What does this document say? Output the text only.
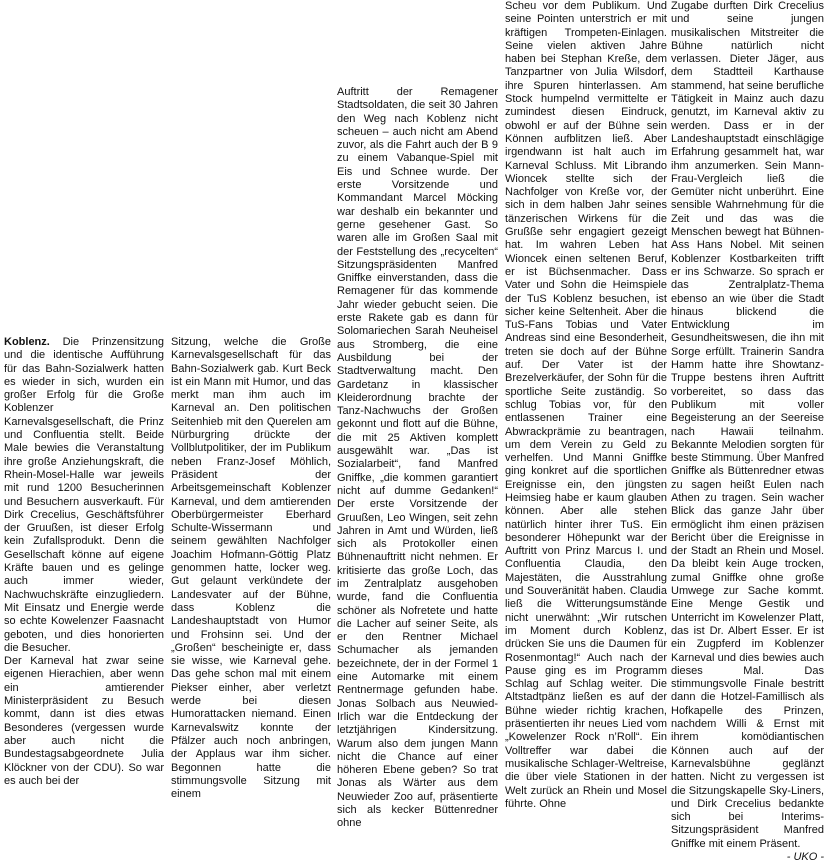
Koblenz. Die Prinzensitzung und die identische Aufführung für das Bahn-Sozialwerk hatten es wieder in sich, wurden ein großer Erfolg für die Große Koblenzer Karnevalsgesellschaft, die Prinz und Confluentia stellt. Beide Male bewies die Veranstaltung ihre große Anziehungskraft, die Rhein-Mosel-Halle war jeweils mit rund 1200 Besucherinnen und Besuchern ausverkauft. Für Dirk Crecelius, Geschäftsführer der Gruußen, ist dieser Erfolg kein Zufallsprodukt. Denn die Gesellschaft könne auf eigene Kräfte bauen und es gelinge auch immer wieder, Nachwuchskräfte einzugliedern. Mit Einsatz und Energie werde so echte Kowelenzer Faasnacht geboten, und dies honorierten die Besucher.

Der Karneval hat zwar seine eigenen Hierachien, aber wenn ein amtierender Ministerpräsident zu Besuch kommt, dann ist dies etwas Besonderes (vergessen wurde aber auch nicht die Bundestagsabgeordnete Julia Klöckner von der CDU). So war es auch bei der

Sitzung, welche die Große Karnevalsgesellschaft für das Bahn-Sozialwerk gab. Kurt Beck ist ein Mann mit Humor, und das merkt man ihm auch im Karneval an. Den politischen Seitenhieb mit den Querelen am Nürburgring drückte der Vollblutpolitiker, der im Publikum neben Franz-Josef Möhlich, Präsident der Arbeitsgemeinschaft Koblenzer Karneval, und dem amtierenden Oberbürgermeister Eberhard Schulte-Wissermann und seinem gewählten Nachfolger Joachim Hofmann-Göttig Platz genommen hatte, locker weg. Gut gelaunt verkündete der Landesvater auf der Bühne, dass Koblenz die Landeshauptstadt von Humor und Frohsinn sei. Und der „Großen“ bescheinigte er, dass sie wisse, wie Karneval gehe. Das gehe schon mal mit einem Piekser einher, aber verletzt werde bei diesen Humorattacken niemand. Einen Karnevalswitz konnte der Pfälzer auch noch anbringen, der Applaus war ihm sicher. Begonnen hatte die stimmungsvolle Sitzung mit einem

Auftritt der Remagener Stadtsoldaten, die seit 30 Jahren den Weg nach Koblenz nicht scheuen – auch nicht am Abend zuvor, als die Fahrt auch der B 9 zu einem Vabanque-Spiel mit Eis und Schnee wurde. Der erste Vorsitzende und Kommandant Marcel Möcking war deshalb ein bekannter und gerne gesehener Gast. So waren alle im Großen Saal mit der Feststellung des „recycelten“ Sitzungspräsidenten Manfred Gniffke einverstanden, dass die Remagener für das kommende Jahr wieder gebucht seien. Die erste Rakete gab es dann für Solomariechen Sarah Neuheisel aus Stromberg, die eine Ausbildung bei der Stadtverwaltung macht. Den Gardetanz in klassischer Kleiderordnung brachte der Tanz-Nachwuchs der Großen gekonnt und flott auf die Bühne, die mit 25 Aktiven komplett ausgewählt war. „Das ist Sozialarbeit“, fand Manfred Gniffke, „die kommen garantiert nicht auf dumme Gedanken!“ Der erste Vorsitzende der Gruußen, Leo Wingen, seit zehn Jahren in Amt und Würden, ließ sich als Protokoller einen Bühnenauftritt nicht nehmen. Er kritisierte das große Loch, das im Zentralplatz ausgehoben wurde, fand die Confluentia schöner als Nofretete und hatte die Lacher auf seiner Seite, als er den Rentner Michael Schumacher als jemanden bezeichnete, der in der Formel 1 eine Automarke mit einem Rentnermage gefunden habe. Jonas Solbach aus Neuwied-Irlich war die Entdeckung der letztjährigen Kindersitzung. Warum also dem jungen Mann nicht die Chance auf einer höheren Ebene geben? So trat Jonas als Wärter aus dem Neuwieder Zoo auf, präsentierte sich als kecker Büttenredner ohne

Scheu vor dem Publikum. Und seine Pointen unterstrich er mit kräftigen Trompeten-Einlagen. Seine vielen aktiven Jahre haben bei Stephan Kreße, dem Tanzpartner von Julia Wilsdorf, ihre Spuren hinterlassen. Am Stock humpelnd vermittelte er zumindest diesen Eindruck, obwohl er auf der Bühne sein Können aufblitzen ließ. Aber irgendwann ist halt auch im Karneval Schluss. Mit Librando Wioncek stellte sich der Nachfolger von Kreße vor, der sich in dem halben Jahr seines tänzerischen Wirkens für die Grußße sehr engagiert gezeigt hat. Im wahren Leben hat Wioncek einen seltenen Beruf, er ist Büchsenmacher. Dass Vater und Sohn die Heimspiele der TuS Koblenz besuchen, ist sicher keine Seltenheit. Aber die TuS-Fans Tobias und Vater Andreas sind eine Besonderheit, treten sie doch auf der Bühne auf. Der Vater ist der Brezelverkäufer, der Sohn für die sportliche Seite zuständig. So schlug Tobias vor, für den entlassenen Trainer eine Abwrackprämie zu beantragen, um dem Verein zu Geld zu verhelfen. Und Manni Gniffke ging konkret auf die sportlichen Ereignisse ein, den jüngsten Heimsieg habe er kaum glauben können. Aber alle stehen natürlich hinter ihrer TuS. Ein besonderer Höhepunkt war der Auftritt von Prinz Marcus I. und Confluentia Claudia, den Majestäten, die Ausstrahlung und Souveränität haben. Claudia ließ die Witterungsumstände nicht unerwähnt: „Wir rutschen im Moment durch Koblenz, drücken Sie uns die Daumen für Rosenmontag!“ Auch nach der Pause ging es im Programm Schlag auf Schlag weiter. Die Altstadtpänz ließen es auf der Bühne wieder richtig krachen, präsentierten ihr neues Lied vom „Kowelenzer Rock n’Roll“. Ein Volltreffer war dabei die musikalische Schlager-Weltreise, die über viele Stationen in der Welt zurück an Rhein und Mosel führte. Ohne

Zugabe durften Dirk Crecelius und seine jungen musikalischen Mitstreiter die Bühne natürlich nicht verlassen. Dieter Jäger, aus dem Stadtteil Karthause stammend, hat seine berufliche Tätigkeit in Mainz auch dazu genutzt, im Karneval aktiv zu werden. Dass er in der Landeshauptstadt einschlägige Erfahrung gesammelt hat, war ihm anzumerken. Sein Mann-Frau-Vergleich ließ die Gemüter nicht unberührt. Eine sensible Wahrnehmung für die Zeit und das was die Menschen bewegt hat Bühnen-Ass Hans Nobel. Mit seinen Koblenzer Kostbarkeiten trifft er ins Schwarze. So sprach er das Zentralplatz-Thema ebenso an wie über die Stadt hinaus blickend die Entwicklung im Gesundheitswesen, die ihn mit Sorge erfüllt. Trainerin Sandra Hamm hatte ihre Showtanz-Truppe bestens ihren Auftritt vorbereitet, so dass das Publikum mit voller Begeisterung an der Seereise nach Hawaii teilnahm. Bekannte Melodien sorgten für beste Stimmung. Über Manfred Gniffke als Büttenredner etwas zu sagen heißt Eulen nach Athen zu tragen. Sein wacher Blick das ganze Jahr über ermöglicht ihm einen präzisen Bericht über die Ereignisse in der Stadt an Rhein und Mosel. Da bleibt kein Auge trocken, zumal Gniffke ohne große Umwege zur Sache kommt. Eine Menge Gestik und Unterricht im Kowelenzer Platt, das ist Dr. Albert Esser. Er ist ein Zugpferd im Koblenzer Karneval und dies bewies auch dieses Mal. Das stimmungsvolle Finale bestritt dann die Hotzel-Famillisch als Hofkapelle des Prinzen, nachdem Willi & Ernst mit ihrem komödiantischen Können auch auf der Karnevalsbühne geglänzt hatten. Nicht zu vergessen ist die Sitzungskapelle Sky-Liners, und Dirk Crecelius bedankte sich bei Interims-Sitzungspräsident Manfred Gniffke mit einem Präsent.

- UKO -
